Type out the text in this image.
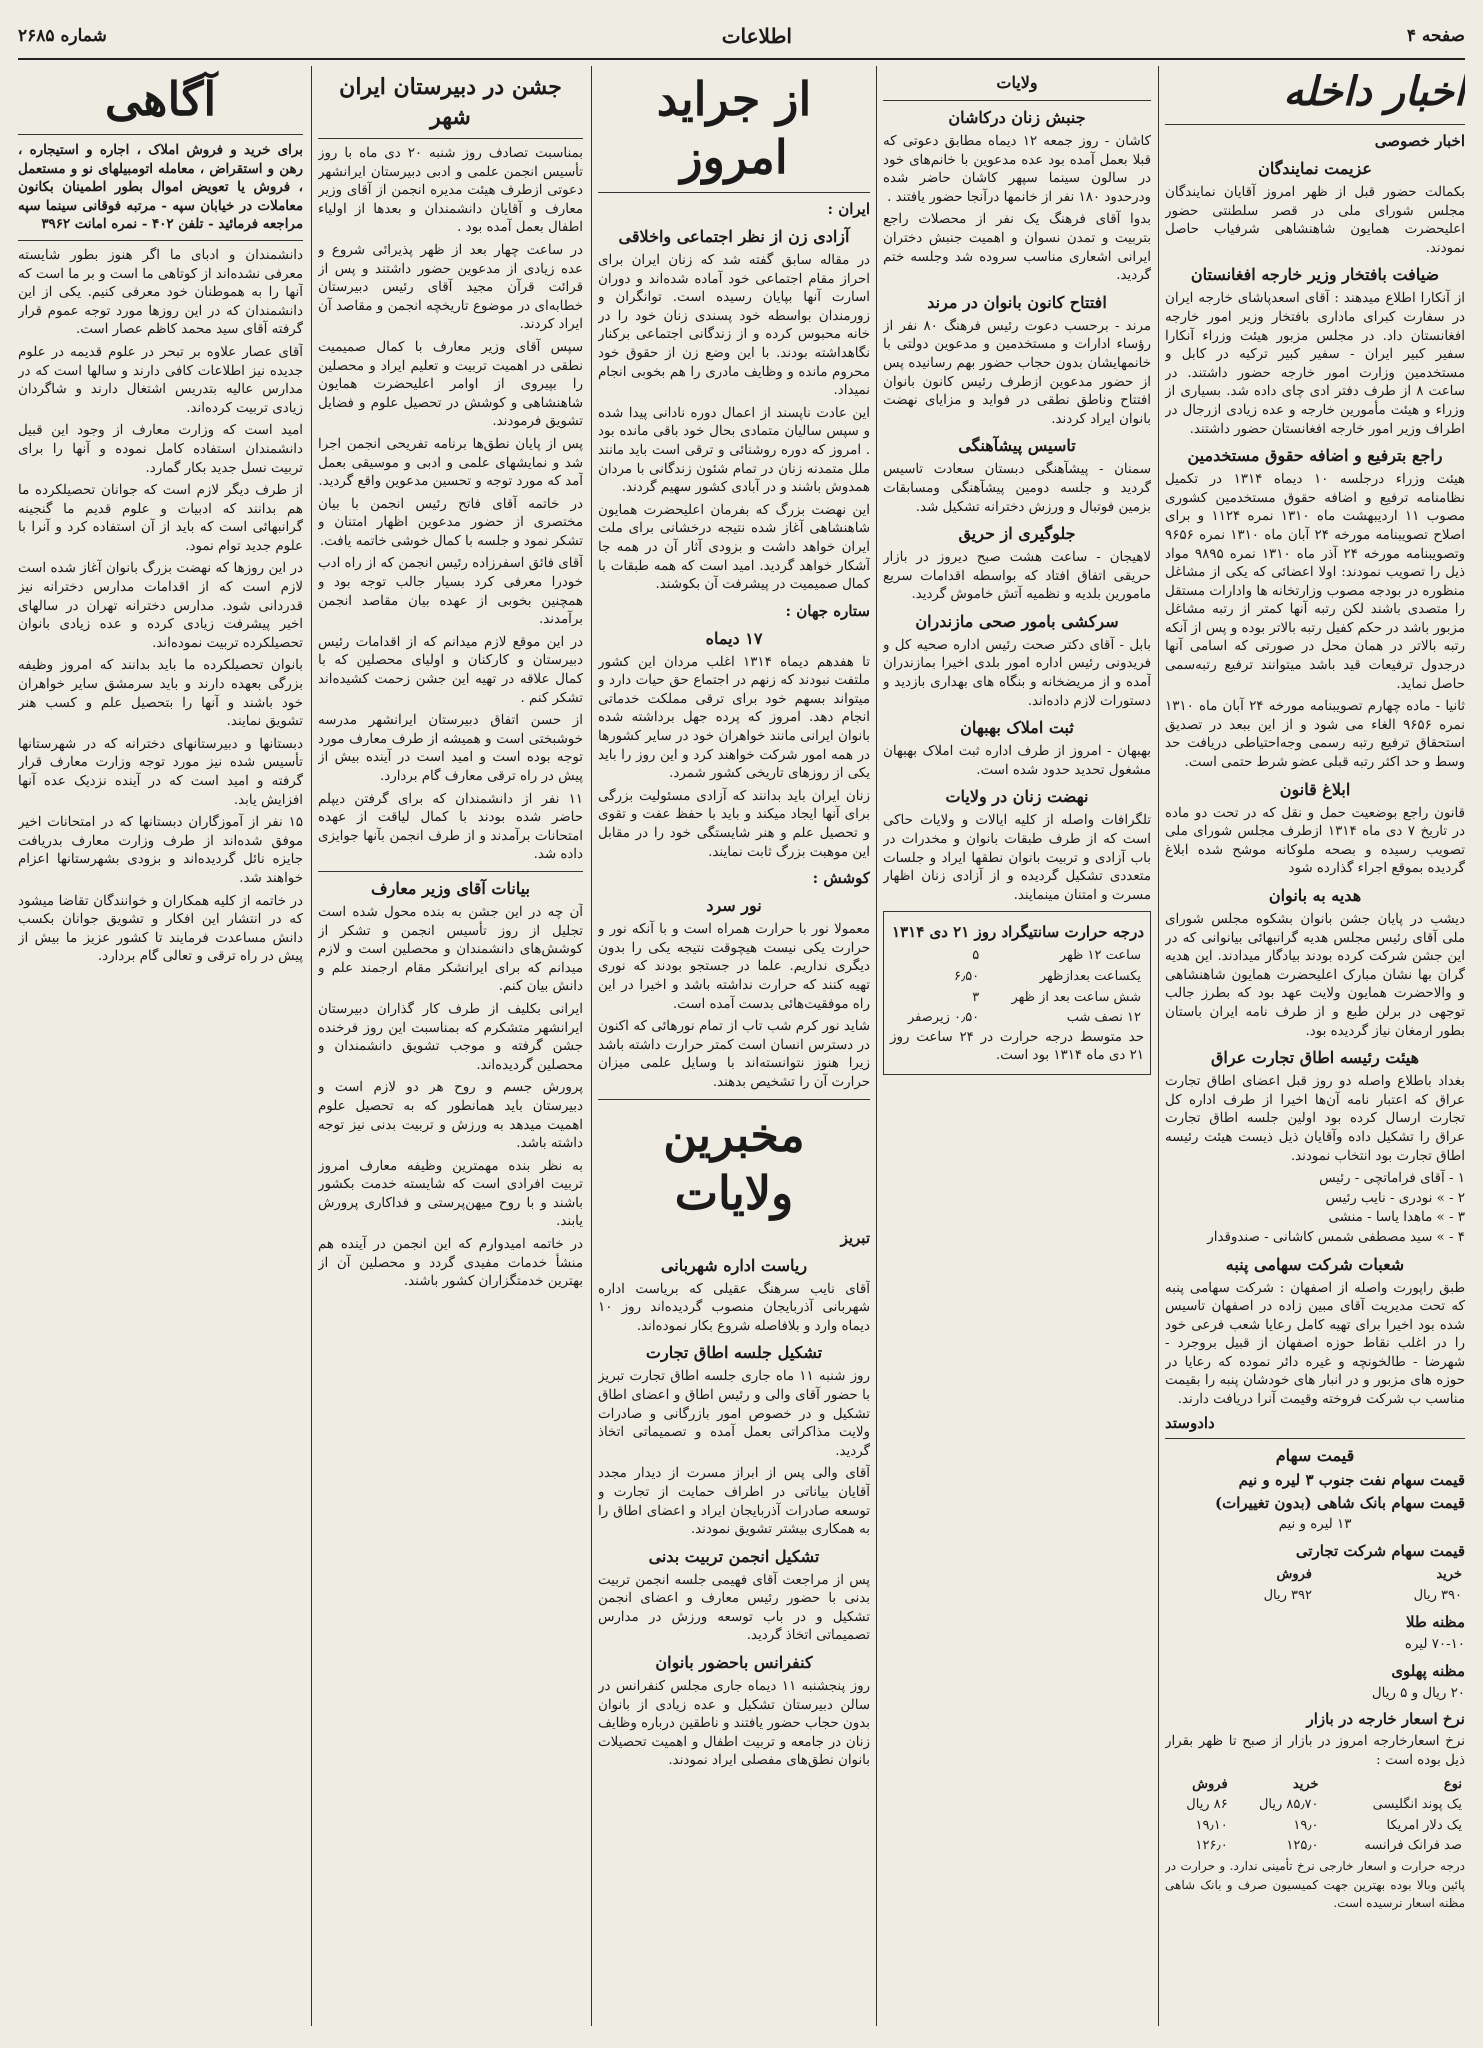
صفحه ۴
اطلاعات
شماره ۲۶۸۵
اخبار داخله
اخبار خصوصی
عزیمت نمایندگان

بکمالت حضور قبل از ظهر امروز آقایان نمایندگان مجلس شورای ملی در قصر سلطنتی حضور اعلیحضرت همایون شاهنشاهی شرفیاب حاصل نمودند.

ضیافت بافتخار وزیر خارجه افغانستان

از آنکارا اطلاع میدهند : آقای اسعدپاشای خارجه ایران در سفارت کبرای ماداری بافتخار وزیر امور خارجه افغانستان داد. در مجلس مزبور هیئت وزراء آنکارا سفیر کبیر ایران - سفیر کبیر ترکیه در کابل و مستخدمین وزارت امور خارجه حضور داشتند. در ساعت ۸ از طرف دفتر ادی چای داده شد. بسیاری از وزراء و هیئت مأمورین خارجه و عده زیادی ازرجال در اطراف وزیر امور خارجه افغانستان حضور داشتند.

راجع بترفیع و اضافه حقوق مستخدمین

هیئت وزراء درجلسه ۱۰ دیماه ۱۳۱۴ در تکمیل نظامنامه ترفیع و اضافه حقوق مستخدمین کشوری مصوب ۱۱ اردیبهشت ماه ۱۳۱۰ نمره ۱۱۲۴ و برای اصلاح تصویبنامه مورخه ۲۴ آبان ماه ۱۳۱۰ نمره ۹۶۵۶ وتصویبنامه مورخه ۲۴ آذر ماه ۱۳۱۰ نمره ۹۸۹۵ مواد ذیل را تصویب نمودند: اولا اعضائی که یکی از مشاغل منظوره در بودجه مصوب وزارتخانه ها وادارات مستقل را متصدی باشند لکن رتبه آنها کمتر از رتبه مشاغل مزبور باشد در حکم کفیل رتبه بالاتر بوده و پس از آنکه رتبه بالاتر در همان محل در صورتی که اسامی آنها درجدول ترفیعات قید باشد میتوانند ترفیع رتبه‌سمی حاصل نماید.

ثانیا - ماده چهارم تصویبنامه مورخه ۲۴ آبان ماه ۱۳۱۰ نمره ۹۶۵۶ الغاء می شود و از این ببعد در تصدیق استحقاق ترفیع رتبه رسمی وجه‌احتیاطی دریافت حد وسط و حد اکثر رتبه قبلی عضو شرط حتمی است.

ابلاغ قانون

قانون راجع بوضعیت حمل و نقل که در تحت دو ماده در تاریخ ۷ دی ماه ۱۳۱۴ ازطرف مجلس شورای ملی تصویب رسیده و بصحه ملوکانه موشح شده ابلاغ گردیده بموقع اجراء گذارده شود

هدیه به بانوان

دیشب در پایان جشن بانوان بشکوه مجلس شورای ملی آقای رئیس مجلس هدیه گرانبهائی بیانوانی که در این جشن شرکت کرده بودند بیادگار میدادند. این هدیه گران بها نشان مبارک اعلیحضرت همایون شاهنشاهی و والاحضرت همایون ولایت عهد بود که بطرز جالب توجهی در برلن طبع و از طرف نامه ایران باستان بطور ارمغان نیاز گردیده بود.

هیئت رئیسه اطاق تجارت عراق

بغداد باطلاع واصله دو روز قبل اعضای اطاق تجارت عراق که اعتبار نامه آن‌ها اخیرا از طرف اداره کل تجارت ارسال کرده بود اولین جلسه اطاق تجارت عراق را تشکیل داده وآقایان ذیل ذیست هیئت رئیسه اطاق تجارت بود انتخاب نمودند.

۱ - آقای فراماتچی - رئیس
۲ - » نودری - نایب رئیس
۳ - » ماهدا یاسا - منشی
۴ - » سید مصطفی شمس کاشانی - صندوقدار
شعبات شرکت سهامی پنبه

طبق راپورت واصله از اصفهان : شرکت سهامی پنبه که تحت مدیریت آقای مبین زاده در اصفهان تاسیس شده بود اخیرا برای تهیه کامل رعایا شعب فرعی خود را در اغلب نقاط حوزه اصفهان از قبیل بروجرد - شهرضا - طالخونچه و غیره دائر نموده که رعایا در حوزه های مزبور و در انبار های خودشان پنبه را بقیمت مناسب ب شرکت فروخته وقیمت آنرا دریافت دارند.

دادوستد
قیمت سهام
قیمت سهام نفت جنوب ۳ لیره و نیم
قیمت سهام بانک شاهی (بدون تغییرات)
۱۳ لیره و نیم
قیمت سهام شرکت تجارتی
خرید	فروش
۳۹۰ ریال	۳۹۲ ریال
مظنه طلا
۷۰-۱۰ لیره
مظنه پهلوی
۲۰ ریال و ۵ ریال
نرخ اسعار خارجه در بازار

نرخ اسعارخارجه امروز در بازار از صبح تا ظهر بقرار ذیل بوده است :

نوع	خرید	فروش
یک پوند انگلیسی	۸۵٫۷۰ ریال	۸۶ ریال
یک دلار امریکا	۱۹٫۰	۱۹٫۱۰
صد فرانک فرانسه	۱۲۵٫۰	۱۲۶٫۰

درجه‌ حرارت و اسعار خارجی نرخ تأمینی ندارد. و حرارت در پائین وبالا بوده بهترین جهت کمیسیون صرف و بانک شاهی مظنه اسعار نرسیده است.

ولایات
جنبش زنان درکاشان

کاشان - روز جمعه ۱۲ دیماه مطابق دعوتی که قبلا بعمل آمده بود عده مدعوین با خانم‌های خود در سالون سینما سپهر کاشان حاضر شده ودرحدود ۱۸۰ نفر از خانمها درآنجا حضور یافتند .

بدوا آقای فرهنگ یک نفر از محصلات راجع بتربیت و تمدن نسوان و اهمیت جنبش دختران ایرانی اشعاری مناسب سروده شد وجلسه ختم گردید.

افتتاح کانون بانوان در مرند

مرند - برحسب دعوت رئیس فرهنگ ۸۰ نفر از رؤساء ادارات و مستخدمین و مدعوین دولتی با خانمهایشان بدون حجاب حضور بهم رسانیده پس از حضور مدعوین ازطرف رئیس کانون بانوان افتتاح وناطق نطقی در فواید و مزایای نهضت بانوان ایراد کردند.

تاسیس پیشآهنگی

سمنان - پیشآهنگی دبستان سعادت تاسیس گردید و جلسه دومین پیشآهنگی ومسابقات بزمین فوتبال و ورزش دخترانه تشکیل شد.

جلوگیری از حریق

لاهیجان - ساعت هشت صبح دیروز در بازار حریقی اتفاق افتاد که بواسطه اقدامات سریع مامورین بلدیه و نظمیه آتش خاموش گردید.

سرکشی بامور صحی مازندران

بابل - آقای دکتر صحت رئیس اداره صحیه کل و فریدونی رئیس اداره امور بلدی اخیرا بمازندران آمده و از مریضخانه و بنگاه های بهداری بازدید و دستورات لازم داده‌اند.

ثبت املاک بهبهان

بهبهان - امروز از طرف اداره ثبت املاک بهبهان مشغول تحدید حدود شده است.

نهضت زنان در ولایات

تلگرافات واصله از کلیه ایالات و ولایات حاکی است که از طرف طبقات بانوان و مخدرات در باب آزادی و تربیت بانوان نطقها ایراد و جلسات متعددی تشکیل گردیده و از آزادی زنان اظهار مسرت و امتنان مینمایند.

درجه حرارت سانتیگراد روز ۲۱ دی ۱۳۱۴
ساعت ۱۲ ظهر	۵
یکساعت بعدازظهر	۶٫۵۰
شش ساعت بعد از ظهر	۳
۱۲ نصف شب	۰٫۵۰ زیرصفر

حد متوسط درجه حرارت در ۲۴ ساعت روز ۲۱ دی ماه ۱۳۱۴ بود است.

از جراید امروز
ایران :
آزادی زن از نظر اجتماعی واخلاقی

در مقاله سابق گفته شد که زنان ایران برای احراز مقام اجتماعی خود آماده شده‌اند و دوران اسارت آنها بپایان رسیده است. توانگران و زورمندان بواسطه خود پسندی زنان خود را در خانه محبوس کرده و از زندگانی اجتماعی برکنار نگاهداشته بودند. با این وضع زن از حقوق خود محروم مانده و وظایف مادری را هم بخوبی انجام نمیداد.

این عادت ناپسند از اعمال دوره نادانی پیدا شده و سپس سالیان متمادی بحال خود باقی مانده بود . امروز که دوره روشنائی و ترقی است باید مانند ملل متمدنه زنان در تمام شئون زندگانی با مردان همدوش باشند و در آبادی کشور سهیم گردند.

این نهضت بزرگ که بفرمان اعلیحضرت همایون شاهنشاهی آغاز شده نتیجه درخشانی برای ملت ایران خواهد داشت و بزودی آثار آن در همه جا آشکار خواهد گردید. امید است که همه طبقات با کمال صمیمیت در پیشرفت آن بکوشند.

ستاره جهان :
۱۷ دیماه

تا هفدهم دیماه ۱۳۱۴ اغلب مردان این کشور ملتفت نبودند که زنهم در اجتماع حق حیات دارد و میتواند بسهم خود برای ترقی مملکت خدماتی انجام دهد. امروز که پرده جهل برداشته شده بانوان ایرانی مانند خواهران خود در سایر کشورها در همه امور شرکت خواهند کرد و این روز را باید یکی از روزهای تاریخی کشور شمرد.

زنان ایران باید بدانند که آزادی مسئولیت بزرگی برای آنها ایجاد میکند و باید با حفظ عفت و تقوی و تحصیل علم و هنر شایستگی خود را در مقابل این موهبت بزرگ ثابت نمایند.

کوشش :
نور سرد

معمولا نور با حرارت همراه است و با آنکه نور و حرارت یکی نیست هیچوقت نتیجه یکی را بدون دیگری نداریم. علما در جستجو بودند که نوری تهیه کنند که حرارت نداشته باشد و اخیرا در این راه موفقیت‌هائی بدست آمده است.

شاید نور کرم شب تاب از تمام نورهائی که اکنون در دسترس انسان است کمتر حرارت داشته باشد زیرا هنوز نتوانسته‌اند با وسایل علمی میزان حرارت آن را تشخیص بدهند.

مخبرین ولایات
تبریز
ریاست اداره شهربانی

آقای نایب سرهنگ عقیلی که بریاست اداره شهربانی آذربایجان منصوب گردیده‌اند روز ۱۰ دیماه وارد و بلافاصله شروع بکار نموده‌اند.

تشکیل جلسه اطاق تجارت

روز شنبه ۱۱ ماه جاری جلسه اطاق تجارت تبریز با حضور آقای والی و رئیس اطاق و اعضای اطاق تشکیل و در خصوص امور بازرگانی و صادرات ولایت مذاکراتی بعمل آمده و تصمیماتی اتخاذ گردید.

آقای والی پس از ابراز مسرت از دیدار مجدد آقایان بیاناتی در اطراف حمایت از تجارت و توسعه صادرات آذربایجان ایراد و اعضای اطاق را به همکاری بیشتر تشویق نمودند.

تشکیل انجمن تربیت بدنی

پس از مراجعت آقای فهیمی جلسه انجمن تربیت بدنی با حضور رئیس معارف و اعضای انجمن تشکیل و در باب توسعه ورزش در مدارس تصمیماتی اتخاذ گردید.

کنفرانس باحضور بانوان

روز پنجشنبه ۱۱ دیماه جاری مجلس کنفرانس در سالن دبیرستان تشکیل و عده زیادی از بانوان بدون حجاب حضور یافتند و ناطقین درباره وظایف زنان در جامعه و تربیت اطفال و اهمیت تحصیلات بانوان نطق‌های مفصلی ایراد نمودند.

جشن در دبیرستان ایران شهر

بمناسبت تصادف روز شنبه ۲۰ دی ماه با روز تأسیس انجمن علمی و ادبی دبیرستان ایرانشهر دعوتی ازطرف هیئت مدیره انجمن از آقای وزیر معارف و آقایان دانشمندان و بعدها از اولیاء اطفال بعمل آمده بود .

در ساعت چهار بعد از ظهر پذیرائی شروع و عده زیادی از مدعوین حضور داشتند و پس از قرائت قرآن مجید آقای رئیس دبیرستان خطابه‌ای در موضوع تاریخچه انجمن و مقاصد آن ایراد کردند.

سپس آقای وزیر معارف با کمال صمیمیت نطقی در اهمیت تربیت و تعلیم ایراد و محصلین را بپیروی از اوامر اعلیحضرت همایون شاهنشاهی و کوشش در تحصیل علوم و فضایل تشویق فرمودند.

پس از پایان نطق‌ها برنامه تفریحی انجمن اجرا شد و نمایشهای علمی و ادبی و موسیقی بعمل آمد که مورد توجه و تحسین مدعوین واقع گردید.

در خاتمه آقای فاتح رئیس انجمن با بیان مختصری از حضور مدعوین اظهار امتنان و تشکر نمود و جلسه با کمال خوشی خاتمه یافت.

آقای فائق اسفرزاده رئیس انجمن که از راه ادب خودرا معرفی کرد بسیار جالب توجه بود و همچنین بخوبی از عهده بیان مقاصد انجمن برآمدند.

در این موقع لازم میدانم که از اقدامات رئیس دبیرستان و کارکنان و اولیای محصلین که با کمال علاقه در تهیه این جشن زحمت کشیده‌اند تشکر کنم .

از حسن اتفاق دبیرستان ایرانشهر مدرسه خوشبختی است و همیشه از طرف معارف مورد توجه بوده است و امید است در آینده بیش از پیش در راه ترقی معارف گام بردارد.

۱۱ نفر از دانشمندان که برای گرفتن دیپلم حاضر شده بودند با کمال لیاقت از عهده امتحانات برآمدند و از طرف انجمن بآنها جوایزی داده شد.

بیانات آقای وزیر معارف

آن چه در این جشن به بنده محول شده است تجلیل از روز تأسیس انجمن و تشکر از کوشش‌های دانشمندان و محصلین است و لازم میدانم که برای ایرانشکر مقام ارجمند علم و دانش بیان کنم.

ایرانی بکلیف از طرف کار گذاران دبیرستان ایرانشهر متشکرم که بمناسبت این روز فرخنده جشن گرفته و موجب تشویق دانشمندان و محصلین گردیده‌اند.

پرورش جسم و روح هر دو لازم است و دبیرستان باید همانطور که به تحصیل علوم اهمیت میدهد به ورزش و تربیت بدنی نیز توجه داشته باشد.

به نظر بنده مهمترین وظیفه معارف امروز تربیت افرادی است که شایسته خدمت بکشور باشند و با روح میهن‌پرستی و فداکاری پرورش یابند.

در خاتمه امیدوارم که این انجمن در آینده هم منشأ خدمات مفیدی گردد و محصلین آن از بهترین خدمتگزاران کشور باشند.

آگاهی

برای خرید و فروش املاک ، اجاره و استیجاره ، رهن و استقراض ، معامله اتومبیلهای نو و مستعمل ، فروش یا تعویض اموال بطور اطمینان بکانون معاملات در خیابان سپه - مرتبه فوقانی سینما سپه مراجعه فرمائید - تلفن ۴۰۲ - نمره امانت ۳۹۶۲

دانشمندان و ادبای ما اگر هنوز بطور شایسته معرفی نشده‌اند از کوتاهی ما است و بر ما است که آنها را به هموطنان خود معرفی کنیم. یکی از این دانشمندان که در این روزها مورد توجه عموم قرار گرفته آقای سید محمد کاظم عصار است.

آقای عصار علاوه بر تبحر در علوم قدیمه در علوم جدیده نیز اطلاعات کافی دارند و سالها است که در مدارس عالیه بتدریس اشتغال دارند و شاگردان زیادی تربیت کرده‌اند.

امید است که وزارت معارف از وجود این قبیل دانشمندان استفاده کامل نموده و آنها را برای تربیت نسل جدید بکار گمارد.

از طرف دیگر لازم است که جوانان تحصیلکرده ما هم بدانند که ادبیات و علوم قدیم ما گنجینه گرانبهائی است که باید از آن استفاده کرد و آنرا با علوم جدید توام نمود.

در این روزها که نهضت بزرگ بانوان آغاز شده است لازم است که از اقدامات مدارس دخترانه نیز قدردانی شود. مدارس دخترانه تهران در سالهای اخیر پیشرفت زیادی کرده و عده زیادی بانوان تحصیلکرده تربیت نموده‌اند.

بانوان تحصیلکرده ما باید بدانند که امروز وظیفه بزرگی بعهده دارند و باید سرمشق سایر خواهران خود باشند و آنها را بتحصیل علم و کسب هنر تشویق نمایند.

دبستانها و دبیرستانهای دخترانه که در شهرستانها تأسیس شده نیز مورد توجه وزارت معارف قرار گرفته و امید است که در آینده نزدیک عده آنها افزایش یابد.

۱۵ نفر از آموزگاران دبستانها که در امتحانات اخیر موفق شده‌اند از طرف وزارت معارف بدریافت جایزه نائل گردیده‌اند و بزودی بشهرستانها اعزام خواهند شد.

در خاتمه از کلیه همکاران و خوانندگان تقاضا میشود که در انتشار این افکار و تشویق جوانان بکسب دانش مساعدت فرمایند تا کشور عزیز ما بیش از پیش در راه ترقی و تعالی گام بردارد.
